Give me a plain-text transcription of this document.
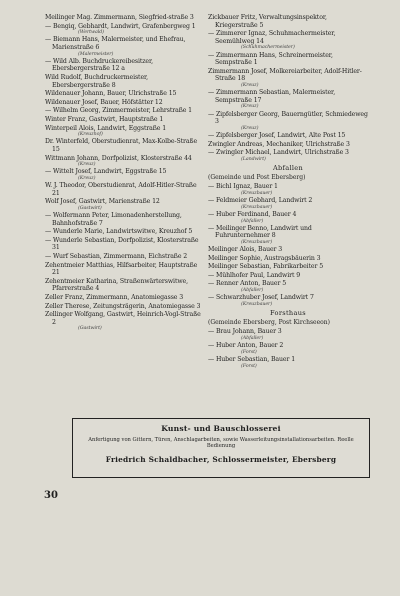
Meilinger Mag. Zimmermann, Siegfried-straße 3
— Bengiq, Gebhardt, Landwirt, Grafenbergweg 1
(Wertwald)
— Biemann Hans, Malermeister, und Ehefrau, Marienstraße 6
(Malermeister)
— Wild Alb. Buchdruckereibesitzer, Ebersbergerstraße 12 a
Wild Rudolf, Buchdruckermeister, Ebersbergerstraße 8
Wildenauer Johann, Bauer, Ulrichstraße 15
Wildenauer Josef, Bauer, Höfstätter 12
— Wilhelm Georg, Zimmermeister, Lehrstraße 1
Winter Franz, Gastwirt, Hauptstraße 1
Winterpeil Alois, Landwirt, Eggstraße 1
(Kreuzhof)
Dr. Winterfeld, Oberstudienrat, Max-Kolbe-Straße 15
Wittmann Johann, Dorfpolizist, Klosterstraße 44
(Kreuz)
— Wittelt Josef, Landwirt, Eggstraße 15
(Kreuz)
W. J. Theodor, Oberstudienrat, Adolf-Hitler-Straße 21
Wolf Josef, Gastwirt, Marienstraße 12
(Gastwirt)
— Wolfermann Peter, Limonadenherstellung, Bahnhofstraße 7
— Wunderle Marie, Landwirtswitwe, Kreuzhof 5
— Wunderle Sebastian, Dorfpolizist, Klosterstraße 31
— Wurf Sebastian, Zimmermann, Eichstraße 2
Zehentmeier Matthias, Hilfsarbeiter, Hauptstraße 21
Zehentmeier Katharina, Straßenwärterswitwe, Pfarrerstraße 4
Zeller Franz, Zimmermann, Anatomiegasse 3
Zeller Therese, Zeitungsträgerin, Anatomiegasse 3
Zellinger Wolfgang, Gastwirt, Heinrich-Vogl-Straße 2
(Gastwirt)
Zickbauer Fritz, Verwaltungsinspektor, Kriegerstraße 5
— Zimmerer Ignaz, Schuhmachermeister, Seemühlweg 14
(Schuhmachermeister)
— Zimmermann Hans, Schreinermeister, Sempstraße 1
Zimmermann Josef, Molkereiarbeiter, Adolf-Hitler-Straße 18
(Kreuz)
— Zimmermann Sebastian, Malermeister, Sempstraße 17
(Kreuz)
— Zipfelsberger Georg, Bauerngütler, Schmiedeweg 3
(Kreuz)
— Zipfelsberger Josef, Landwirt, Alte Post 15
Zwingler Andreas, Mechaniker, Ulrichstraße 3
— Zwingler Michael, Landwirt, Ulrichstraße 3
(Landwirt)
Abfallen
(Gemeinde und Post Ebersberg)
— Bichl Ignaz, Bauer 1
(Kreuzbauer)
— Feldmeier Gebhard, Landwirt 2
(Kreuzbauer)
— Huber Ferdinand, Bauer 4
(Abfaller)
— Meilinger Benno, Landwirt und Fuhrunternehmer 8
(Kreuzbauer)
Meilinger Alois, Bauer 3
Meilinger Sophie, Austragsbäuerin 3
Meilinger Sebastian, Fabrikarbeiter 5
— Mühlhofer Paul, Landwirt 9
— Renner Anton, Bauer 5
(Abfaller)
— Schwarzhuber Josef, Landwirt 7
(Kreuzbauer)
Forsthaus
(Gemeinde Ebersberg, Post Kirchseeon)
— Brau Johann, Bauer 3
(Abfaller)
— Huber Anton, Bauer 2
(Forst)
— Huber Sebastian, Bauer 1
(Forst)
Kunst- und Bauschlosserei
Anfertigung von Gittern, Türen, Anschlagarbeiten, sowie Wasserleitungsinstallationsarbeiten. Reelle Bedienung
Friedrich Schaldbacher, Schlossermeister, Ebersberg
30
